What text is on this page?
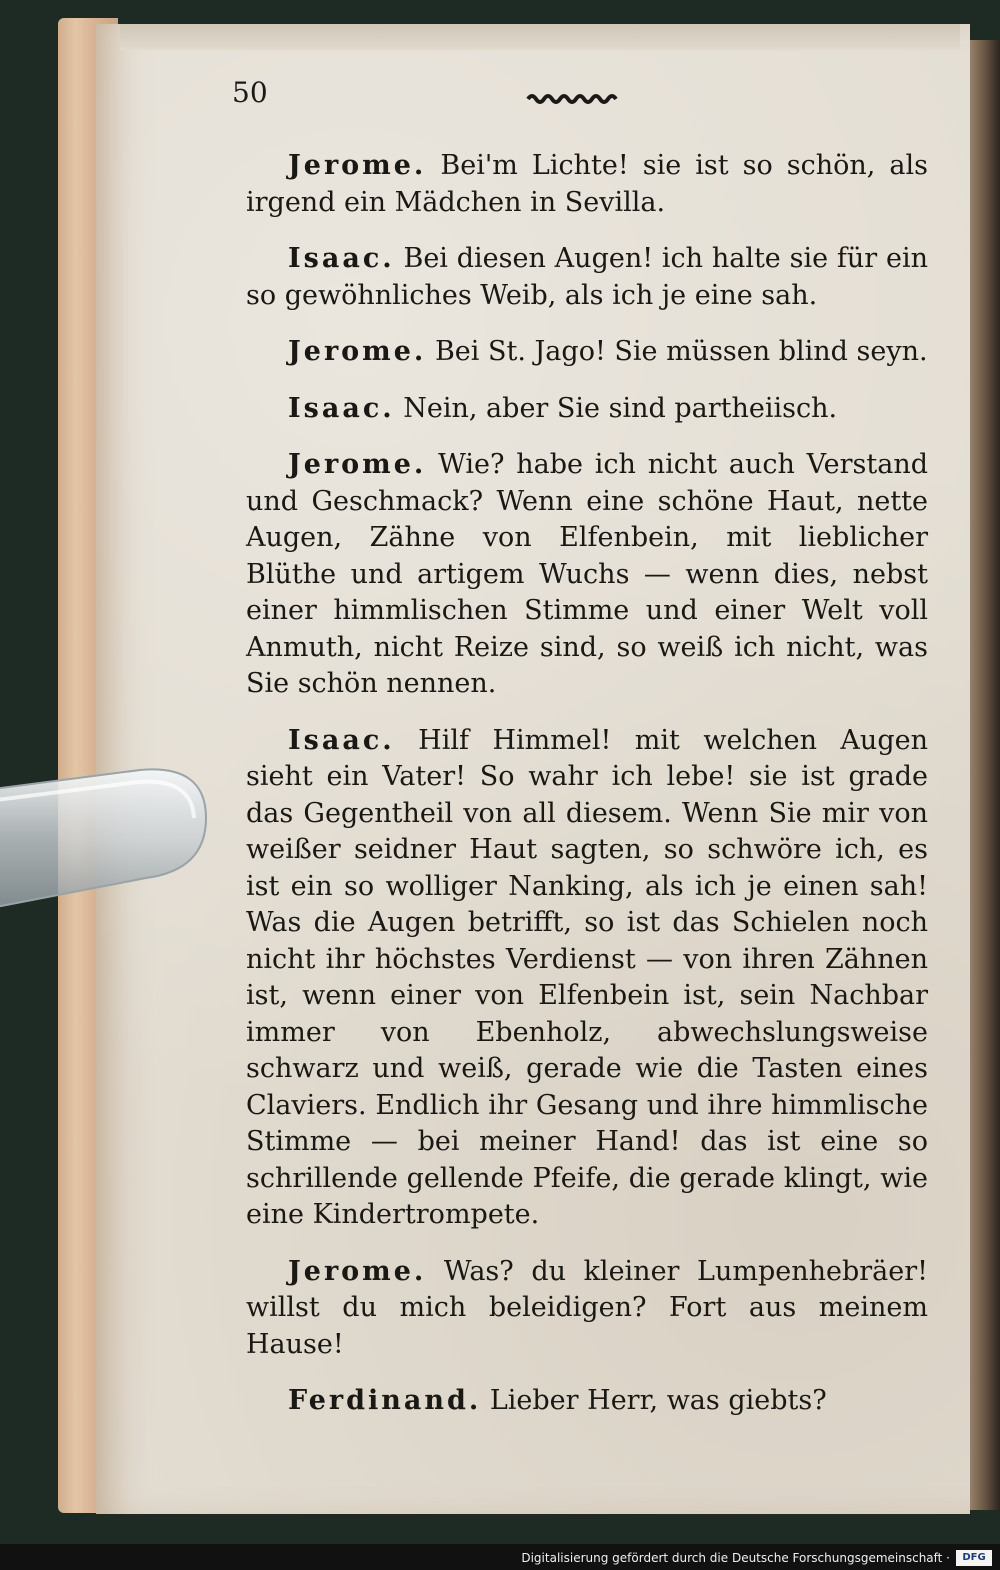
50

Jerome. Bei'm Lichte! sie ist so schön, als irgend ein Mädchen in Sevilla.

Isaac. Bei diesen Augen! ich halte sie für ein so gewöhnliches Weib, als ich je eine sah.

Jerome. Bei St. Jago! Sie müssen blind seyn.

Isaac. Nein, aber Sie sind partheiisch.

Jerome. Wie? habe ich nicht auch Verstand und Geschmack? Wenn eine schöne Haut, nette Augen, Zähne von Elfenbein, mit lieblicher Blüthe und artigem Wuchs — wenn dies, nebst einer himmlischen Stimme und einer Welt voll Anmuth, nicht Reize sind, so weiß ich nicht, was Sie schön nennen.

Isaac. Hilf Himmel! mit welchen Augen sieht ein Vater! So wahr ich lebe! sie ist grade das Gegentheil von all diesem. Wenn Sie mir von weißer seidner Haut sagten, so schwöre ich, es ist ein so wolliger Nanking, als ich je einen sah! Was die Augen betrifft, so ist das Schielen noch nicht ihr höchstes Verdienst — von ihren Zähnen ist, wenn einer von Elfenbein ist, sein Nachbar immer von Ebenholz, abwechslungsweise schwarz und weiß, gerade wie die Tasten eines Claviers. Endlich ihr Gesang und ihre himmlische Stimme — bei meiner Hand! das ist eine so schrillende gellende Pfeife, die gerade klingt, wie eine Kindertrompete.

Jerome. Was? du kleiner Lumpenhebräer! willst du mich beleidigen? Fort aus meinem Hause!

Ferdinand. Lieber Herr, was giebts?

Digitalisierung gefördert durch die Deutsche Forschungsgemeinschaft ·	DFG
